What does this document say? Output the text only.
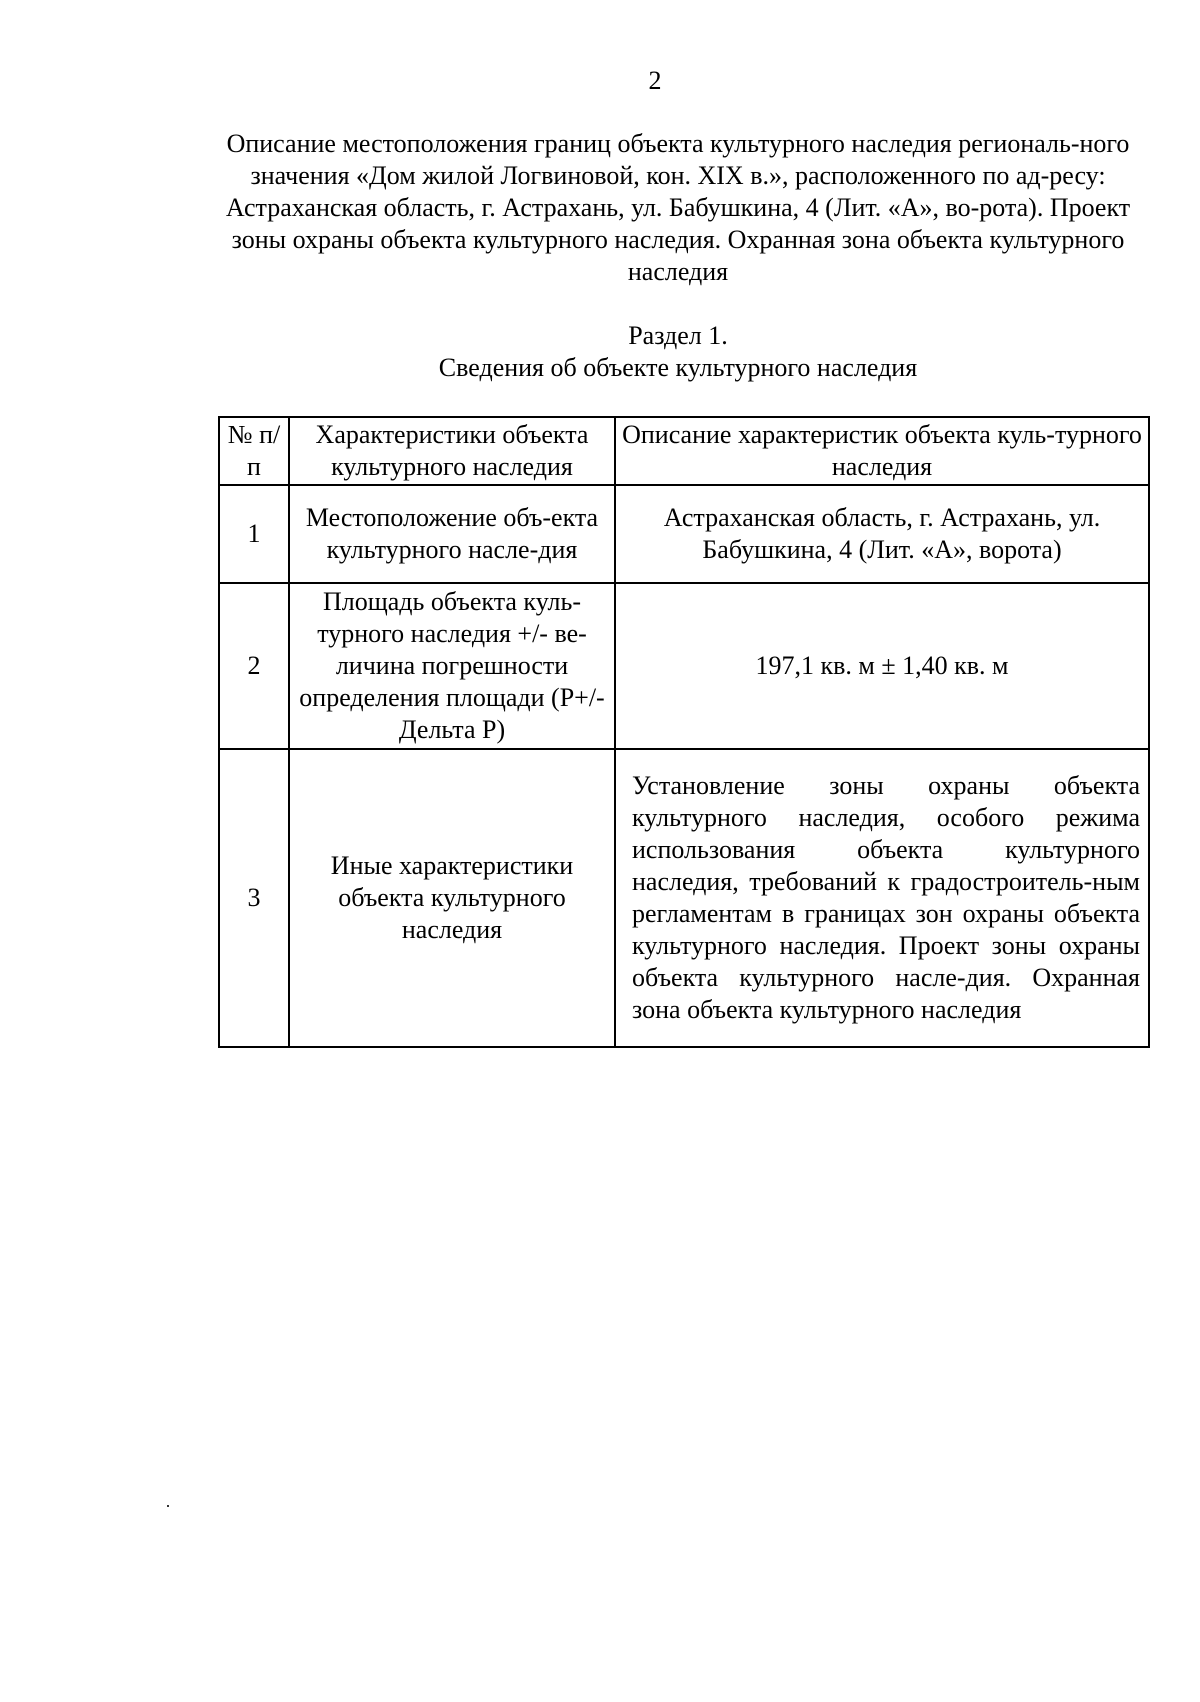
2
Описание местоположения границ объекта культурного наследия региональ-ного значения «Дом жилой Логвиновой, кон. XIX в.», расположенного по ад-ресу: Астраханская область, г. Астрахань, ул. Бабушкина, 4 (Лит. «А», во-рота). Проект зоны охраны объекта культурного наследия. Охранная зона объекта культурного наследия
Раздел 1.
Сведения об объекте культурного наследия
№ п/п	Характеристики объекта культурного наследия	Описание характеристик объекта куль-турного наследия
1	Местоположение объ-екта культурного насле-дия	Астраханская область, г. Астрахань, ул. Бабушкина, 4 (Лит. «А», ворота)
2	Площадь объекта куль-турного наследия +/- ве-личина погрешности определения площади (Р+/- Дельта Р)	197,1 кв. м ± 1,40 кв. м
3	Иные характеристики объекта культурного наследия	Установление зоны охраны объекта культурного наследия, особого режима использования объекта культурного наследия, требований к градостроитель-ным регламентам в границах зон охраны объекта культурного наследия. Проект зоны охраны объекта культурного насле-дия. Охранная зона объекта культурного наследия
